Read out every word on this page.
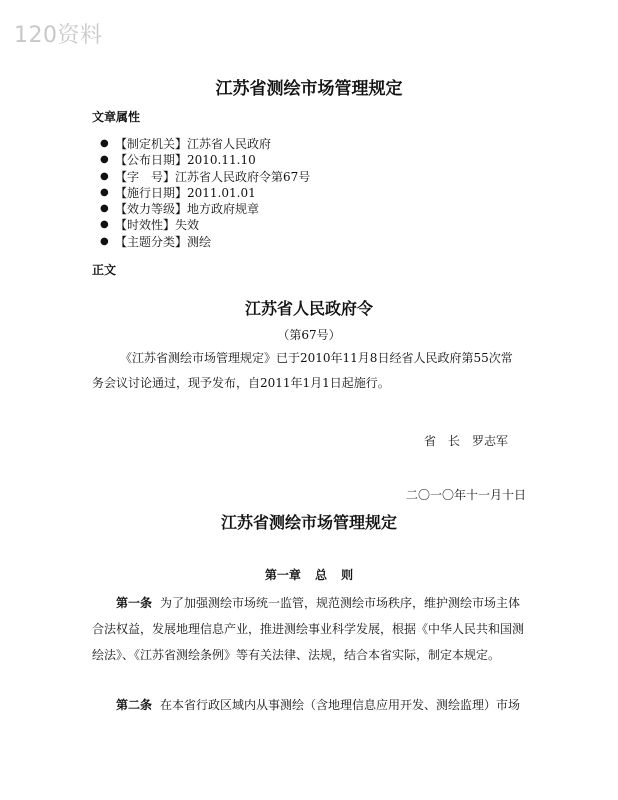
120资料
江苏省测绘市场管理规定
文章属性
● 【制定机关】江苏省人民政府
● 【公布日期】2010.11.10
● 【字　号】江苏省人民政府令第67号
● 【施行日期】2011.01.01
● 【效力等级】地方政府规章
● 【时效性】失效
● 【主题分类】测绘
正文
江苏省人民政府令
（第67号）
《江苏省测绘市场管理规定》已于2010年11月8日经省人民政府第55次常
务会议讨论通过，现予发布，自2011年1月1日起施行。
省　长　罗志军
二〇一〇年十一月十日
江苏省测绘市场管理规定
第一章 总 则
第一条 为了加强测绘市场统一监管，规范测绘市场秩序，维护测绘市场主体合法权益，发展地理信息产业，推进测绘事业科学发展，根据《中华人民共和国测绘法》、《江苏省测绘条例》等有关法律、法规，结合本省实际，制定本规定。
第二条 在本省行政区域内从事测绘（含地理信息应用开发、测绘监理）市场
